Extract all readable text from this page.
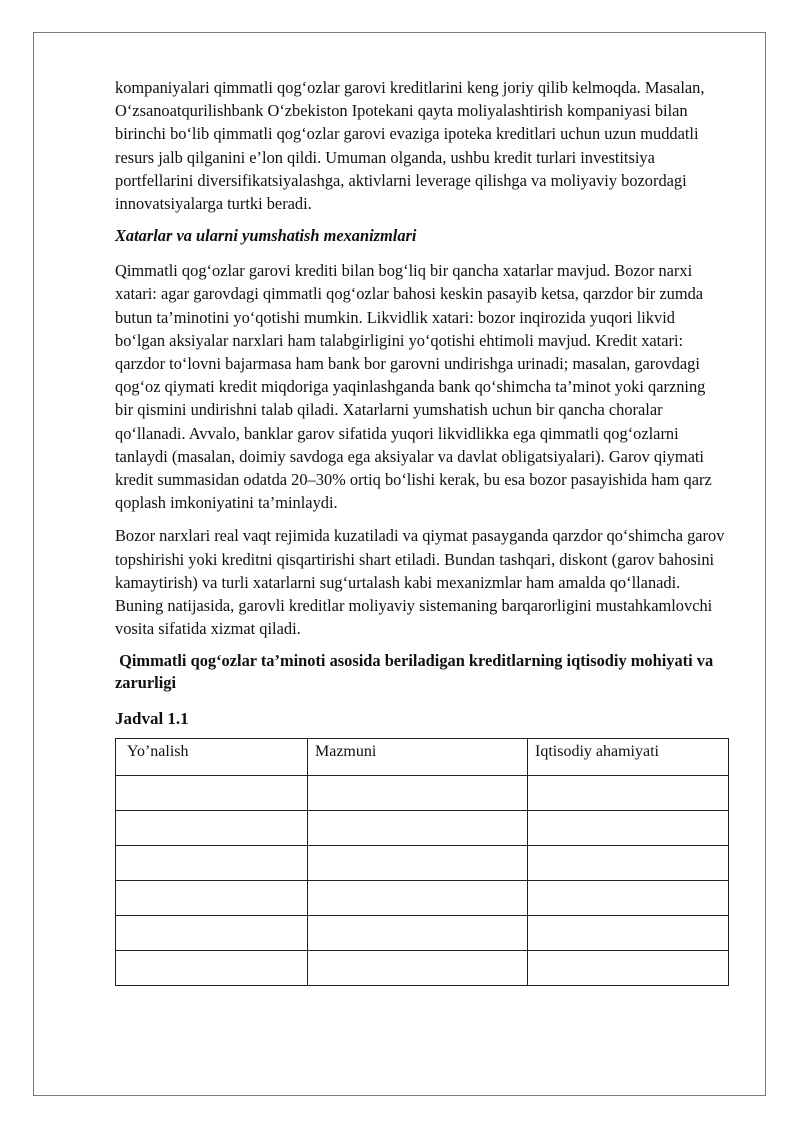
kompaniyalari qimmatli qog‘ozlar garovi kreditlarini keng joriy qilib kelmoqda. Masalan, O‘zsanoatqurilishbank O‘zbekiston Ipotekani qayta moliyalashtirish kompaniyasi bilan birinchi bo‘lib qimmatli qog‘ozlar garovi evaziga ipoteka kreditlari uchun uzun muddatli resurs jalb qilganini e’lon qildi. Umuman olganda, ushbu kredit turlari investitsiya portfellarini diversifikatsiyalashga, aktivlarni leverage qilishga va moliyaviy bozordagi innovatsiyalarga turtki beradi.

Xatarlar va ularni yumshatish mexanizmlari

Qimmatli qog‘ozlar garovi krediti bilan bog‘liq bir qancha xatarlar mavjud. Bozor narxi xatari: agar garovdagi qimmatli qog‘ozlar bahosi keskin pasayib ketsa, qarzdor bir zumda butun ta’minotini yo‘qotishi mumkin. Likvidlik xatari: bozor inqirozida yuqori likvid bo‘lgan aksiyalar narxlari ham talabgirligini yo‘qotishi ehtimoli mavjud. Kredit xatari: qarzdor to‘lovni bajarmasa ham bank bor garovni undirishga urinadi; masalan, garovdagi qog‘oz qiymati kredit miqdoriga yaqinlashganda bank qo‘shimcha ta’minot yoki qarzning bir qismini undirishni talab qiladi. Xatarlarni yumshatish uchun bir qancha choralar qo‘llanadi. Avvalo, banklar garov sifatida yuqori likvidlikka ega qimmatli qog‘ozlarni tanlaydi (masalan, doimiy savdoga ega aksiyalar va davlat obligatsiyalari). Garov qiymati kredit summasidan odatda 20–30% ortiq bo‘lishi kerak, bu esa bozor pasayishida ham qarz qoplash imkoniyatini ta’minlaydi.

Bozor narxlari real vaqt rejimida kuzatiladi va qiymat pasayganda qarzdor qo‘shimcha garov topshirishi yoki kreditni qisqartirishi shart etiladi. Bundan tashqari, diskont (garov bahosini kamaytirish) va turli xatarlarni sug‘urtalash kabi mexanizmlar ham amalda qo‘llanadi. Buning natijasida, garovli kreditlar moliyaviy sistemaning barqarorligini mustahkamlovchi vosita sifatida xizmat qiladi.

Qimmatli qog‘ozlar ta’minoti asosida beriladigan kreditlarning iqtisodiy mohiyati va zarurligi
Jadval 1.1
Yo’nalish	Mazmuni	Iqtisodiy ahamiyati
